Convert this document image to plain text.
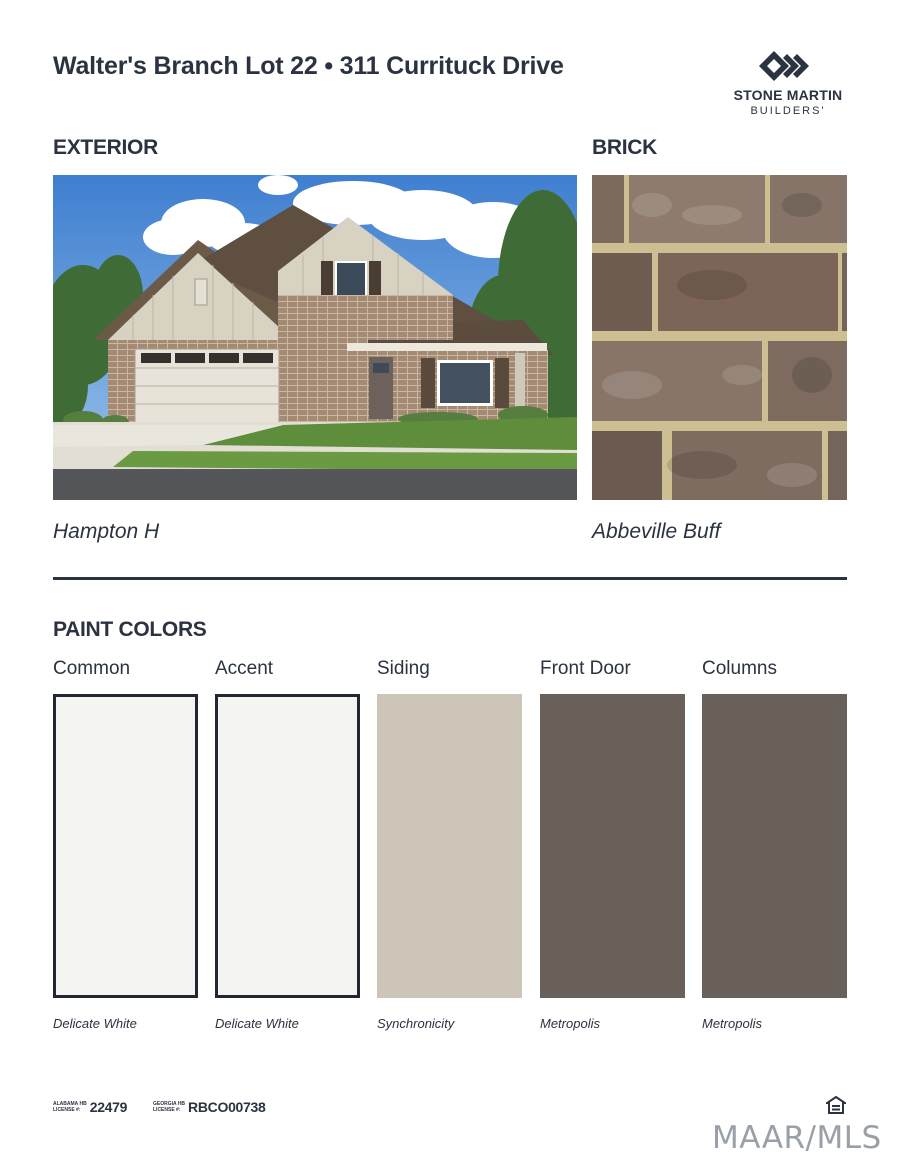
Walter's Branch Lot 22 • 311 Currituck Drive
STONE MARTIN
BUILDERS'
EXTERIOR	BRICK
Hampton H	Abbeville Buff
PAINT COLORS
Common	Accent	Siding	Front Door	Columns
Delicate White	Delicate White	Synchronicity	Metropolis	Metropolis
ALABAMA HB
LICENSE #: 22479	GEORGIA HB
LICENSE #: RBCO00738
MAAR/MLS
